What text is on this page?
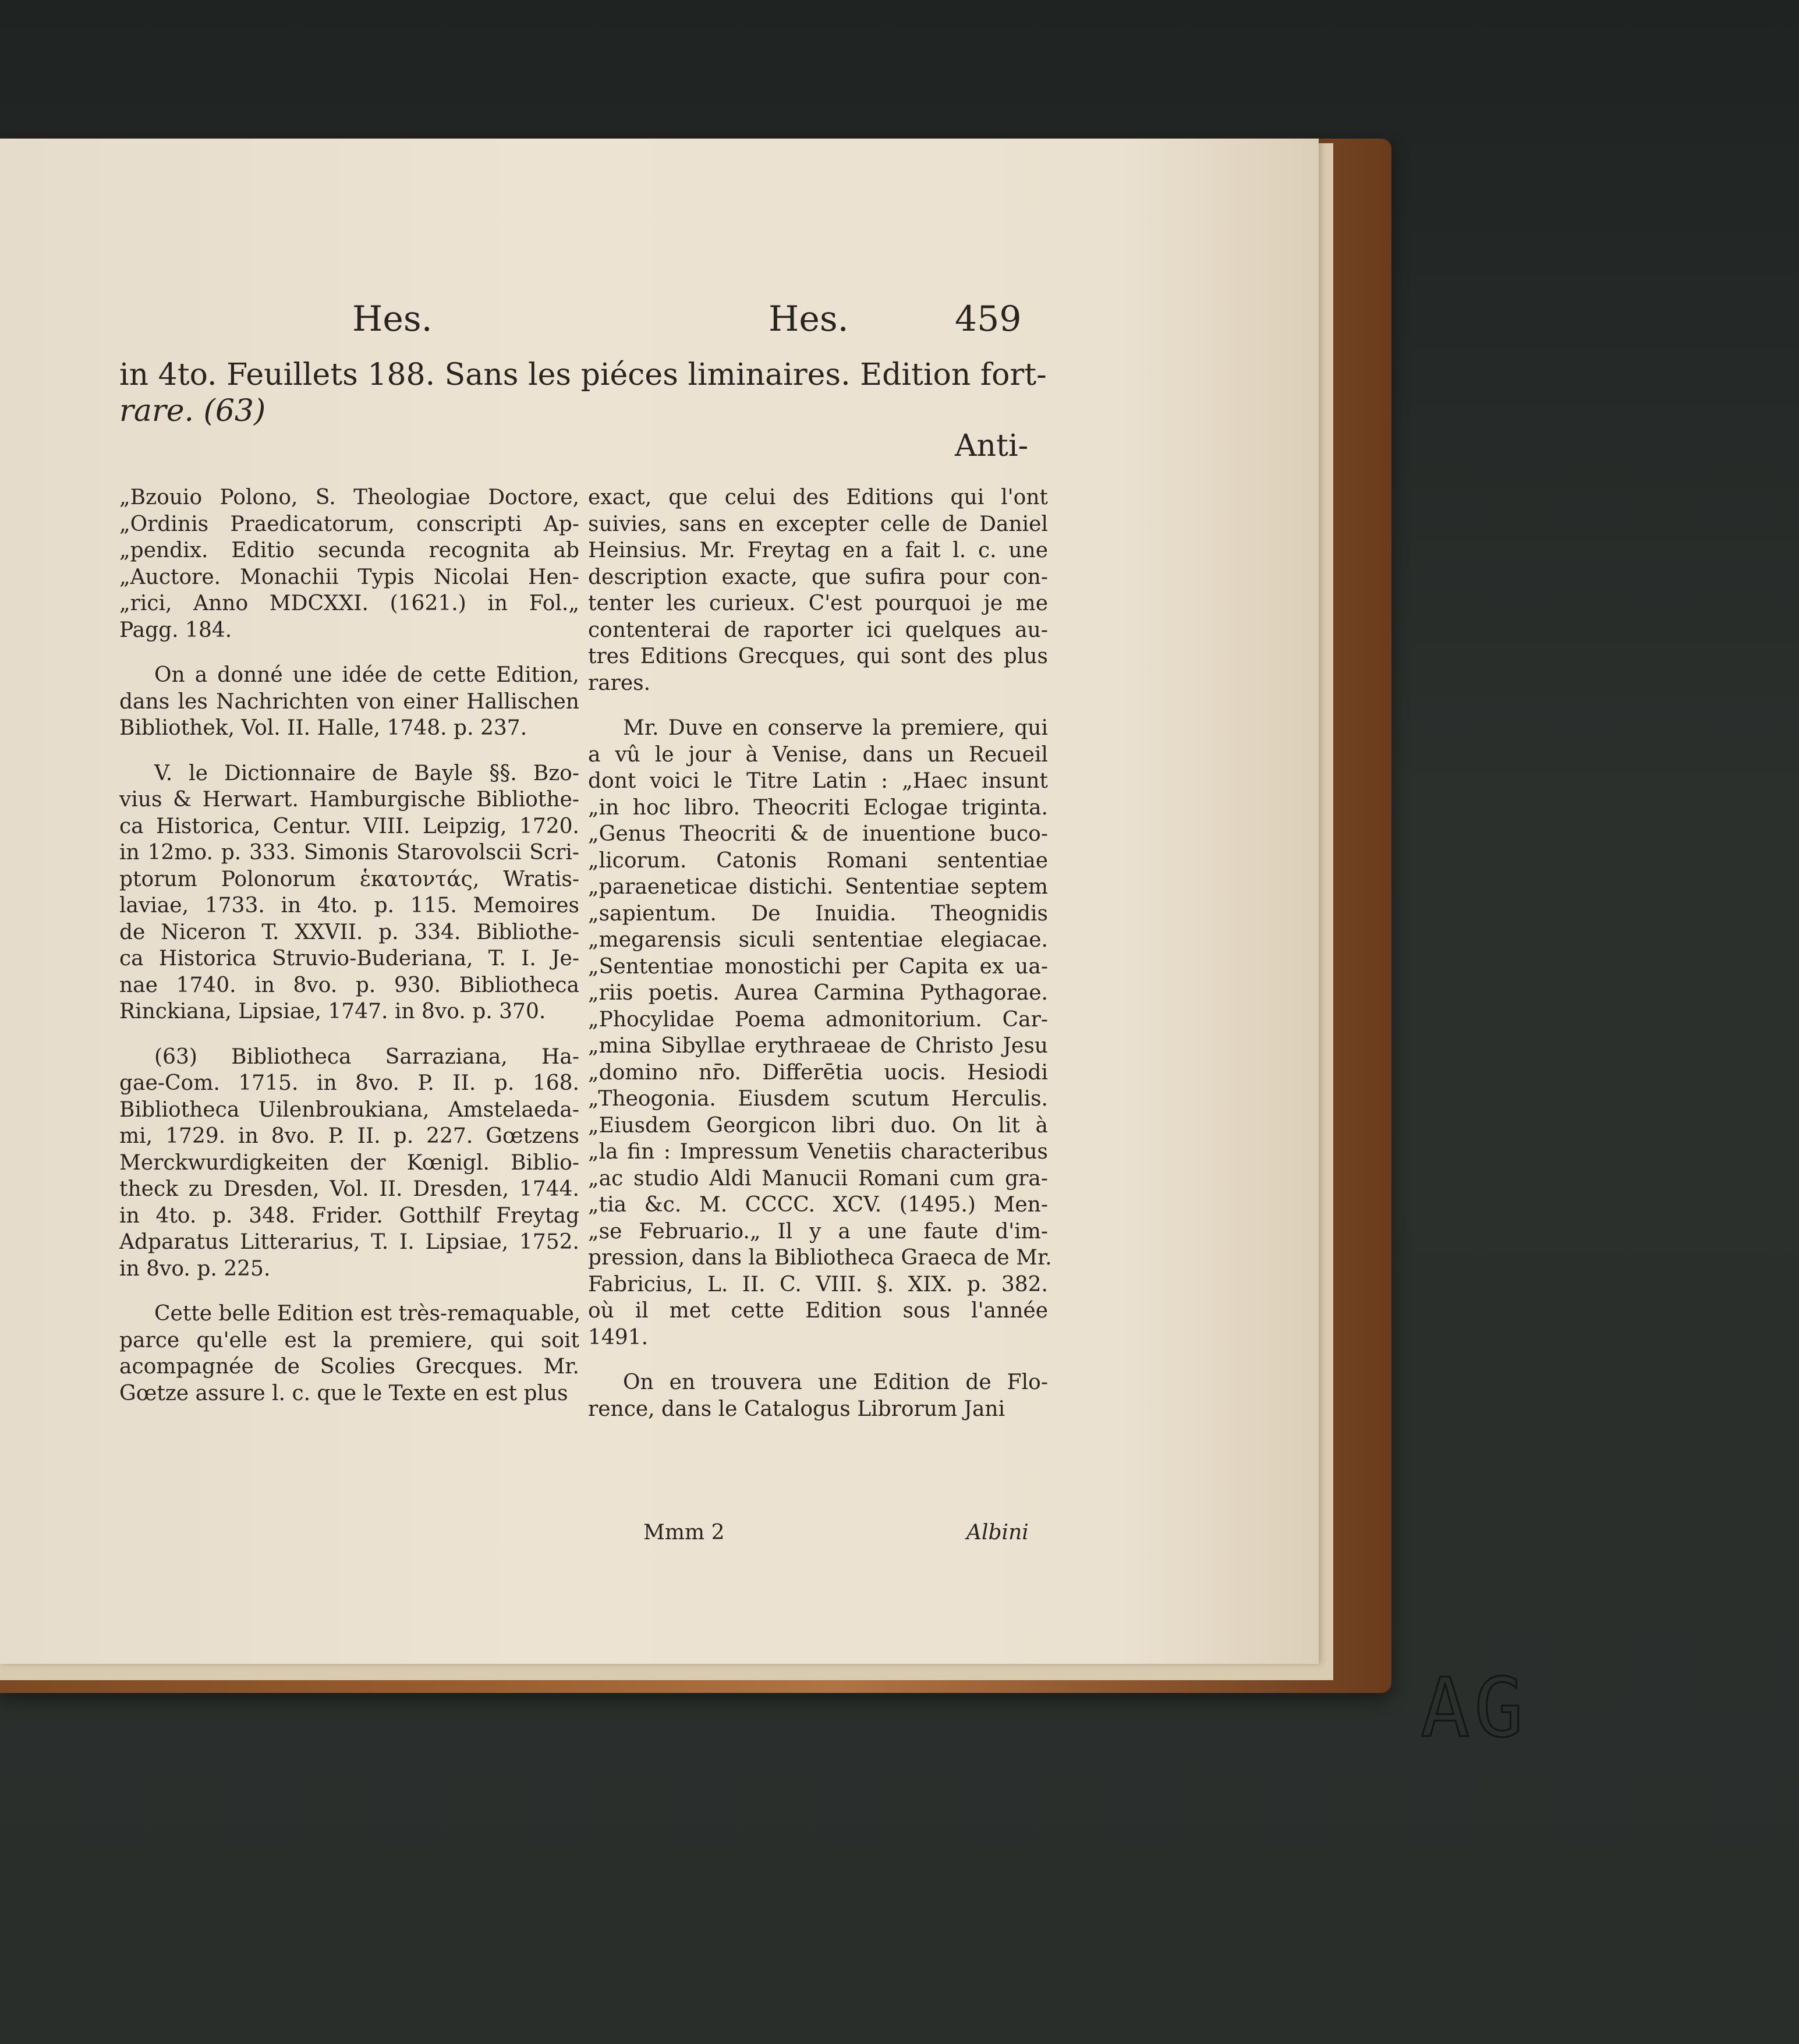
AG
Hes.	Hes.	459
in 4to. Feuillets 188. Sans les piéces liminaires. Edition fort-
rare. (63)
Anti-
„Bzouio Polono, S. Theologiae Doctore,
„Ordinis Praedicatorum, conscripti Ap-
„pendix. Editio secunda recognita ab
„Auctore. Monachii Typis Nicolai Hen-
„rici, Anno MDCXXI. (1621.) in Fol.„
Pagg. 184.
On a donné une idée de cette Edition,
dans les Nachrichten von einer Hallischen
Bibliothek, Vol. II. Halle, 1748. p. 237.
V. le Dictionnaire de Bayle §§. Bzo-
vius & Herwart. Hamburgische Bibliothe-
ca Historica, Centur. VIII. Leipzig, 1720.
in 12mo. p. 333. Simonis Starovolscii Scri-
ptorum Polonorum ἑκατοντάς, Wratis-
laviae, 1733. in 4to. p. 115. Memoires
de Niceron T. XXVII. p. 334. Bibliothe-
ca Historica Struvio-Buderiana, T. I. Je-
nae 1740. in 8vo. p. 930. Bibliotheca
Rinckiana, Lipsiae, 1747. in 8vo. p. 370.
(63) Bibliotheca Sarraziana, Ha-
gae-Com. 1715. in 8vo. P. II. p. 168.
Bibliotheca Uilenbroukiana, Amstelaeda-
mi, 1729. in 8vo. P. II. p. 227. Gœtzens
Merckwurdigkeiten der Kœnigl. Biblio-
theck zu Dresden, Vol. II. Dresden, 1744.
in 4to. p. 348. Frider. Gotthilf Freytag
Adparatus Litterarius, T. I. Lipsiae, 1752.
in 8vo. p. 225.
Cette belle Edition est très-remaquable,
parce qu'elle est la premiere, qui soit
acompagnée de Scolies Grecques. Mr.
Gœtze assure l. c. que le Texte en est plus
exact, que celui des Editions qui l'ont
suivies, sans en excepter celle de Daniel
Heinsius. Mr. Freytag en a fait l. c. une
description exacte, que sufira pour con-
tenter les curieux. C'est pourquoi je me
contenterai de raporter ici quelques au-
tres Editions Grecques, qui sont des plus
rares.
Mr. Duve en conserve la premiere, qui
a vû le jour à Venise, dans un Recueil
dont voici le Titre Latin : „Haec insunt
„in hoc libro. Theocriti Eclogae triginta.
„Genus Theocriti & de inuentione buco-
„licorum. Catonis Romani sententiae
„paraeneticae distichi. Sententiae septem
„sapientum. De Inuidia. Theognidis
„megarensis siculi sententiae elegiacae.
„Sententiae monostichi per Capita ex ua-
„riis poetis. Aurea Carmina Pythagorae.
„Phocylidae Poema admonitorium. Car-
„mina Sibyllae erythraeae de Christo Jesu
„domino nr̄o. Differētia uocis. Hesiodi
„Theogonia. Eiusdem scutum Herculis.
„Eiusdem Georgicon libri duo. On lit à
„la fin : Impressum Venetiis characteribus
„ac studio Aldi Manucii Romani cum gra-
„tia &c. M. CCCC. XCV. (1495.) Men-
„se Februario.„ Il y a une faute d'im-
pression, dans la Bibliotheca Graeca de Mr.
Fabricius, L. II. C. VIII. §. XIX. p. 382.
où il met cette Edition sous l'année
1491.
On en trouvera une Edition de Flo-
rence, dans le Catalogus Librorum Jani
Mmm 2	Albini
